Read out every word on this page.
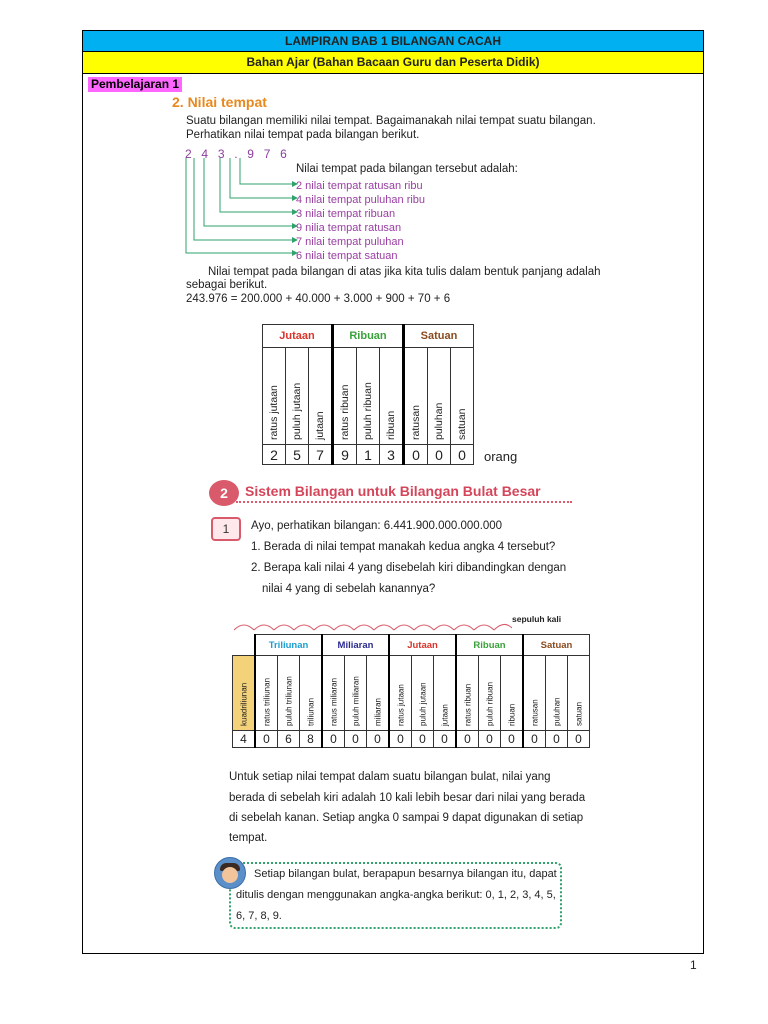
LAMPIRAN BAB 1 BILANGAN CACAH
Bahan Ajar (Bahan Bacaan Guru dan Peserta Didik)
Pembelajaran 1
2. Nilai tempat
Suatu bilangan memiliki nilai tempat. Bagaimanakah nilai tempat suatu bilangan.
Perhatikan nilai tempat pada bilangan berikut.
2 4 3 . 9 7 6
Nilai tempat pada bilangan tersebut adalah:
2 nilai tempat ratusan ribu
4 nilai tempat puluhan ribu
3 nilai tempat ribuan
9 nilia tempat ratusan
7 nilai tempat puluhan
6 nilai tempat satuan
Nilai tempat pada bilangan di atas jika kita tulis dalam bentuk panjang adalah
sebagai berikut.
243.976 = 200.000 + 40.000 + 3.000 + 900 + 70 + 6
Jutaan			Ribuan			Satuan		

ratus jutaan	puluh jutaan	jutaan	ratus ribuan	puluh ribuan	ribuan	ratusan	puluhan	satuan

2	5	7	9	1	3	0	0	0 orang
2	Sistem Bilangan untuk Bilangan Bulat Besar
1	Ayo, perhatikan bilangan: 6.441.900.000.000.000
1. Berada di nilai tempat manakah kedua angka 4 tersebut?
2. Berapa kali nilai 4 yang disebelah kiri dibandingkan dengan
nilai 4 yang di sebelah kanannya?
sepuluh kali
	Triliunan			Miliaran			Jutaan			Ribuan			Satuan		

kuadriliunan	ratus triliunan	puluh triliunan	triliunan	ratus miliaran	puluh miliaran	miliaran	ratus jutaan	puluh jutaan	jutaan	ratus ribuan	puluh ribuan	ribuan	ratusan	puluhan	satuan

4	0	6	8	0	0	0	0	0	0	0	0	0	0	0	0
Untuk setiap nilai tempat dalam suatu bilangan bulat, nilai yang
berada di sebelah kiri adalah 10 kali lebih besar dari nilai yang berada
di sebelah kanan. Setiap angka 0 sampai 9 dapat digunakan di setiap
tempat.
Setiap bilangan bulat, berapapun besarnya bilangan itu, dapat
ditulis dengan menggunakan angka-angka berikut: 0, 1, 2, 3, 4, 5,
6, 7, 8, 9.
1
